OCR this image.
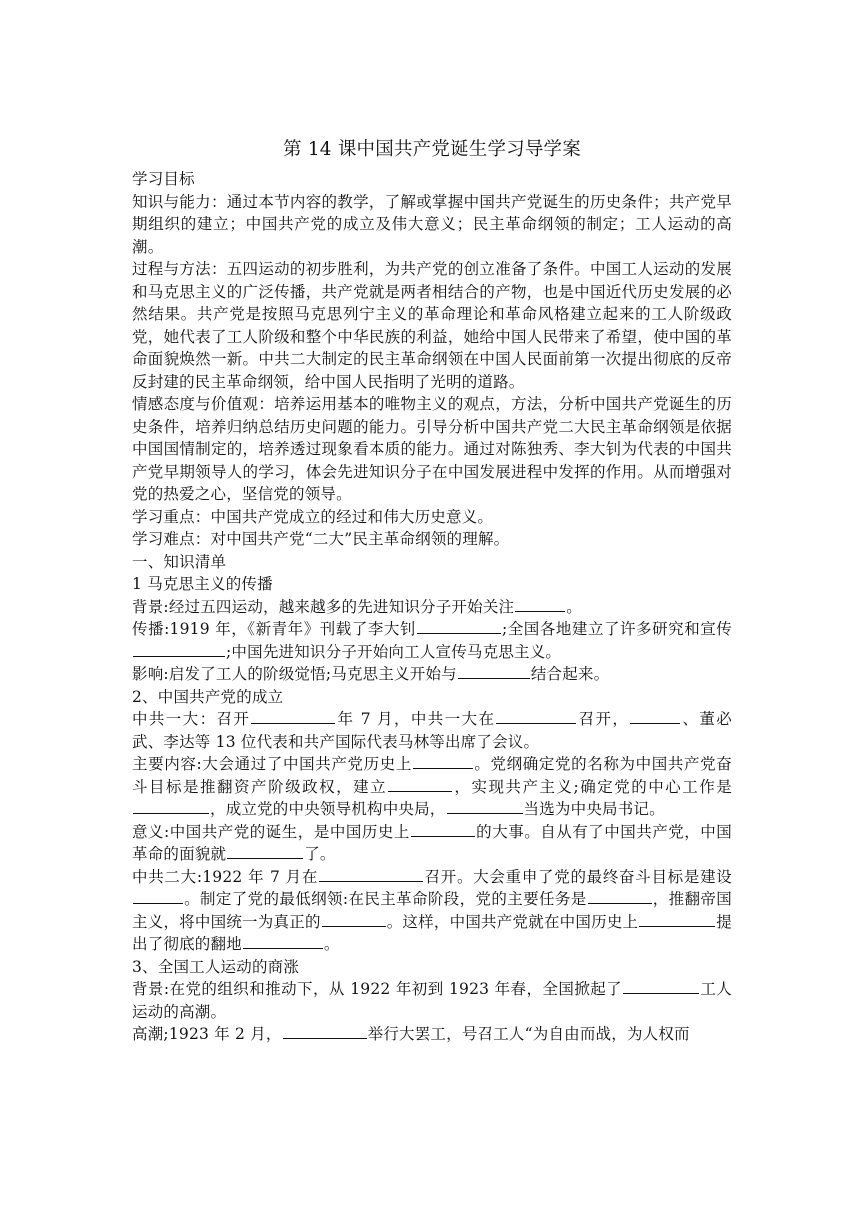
第 14 课中国共产党诞生学习导学案

学习目标

知识与能力：通过本节内容的教学，了解或掌握中国共产党诞生的历史条件；共产党早期组织的建立；中国共产党的成立及伟大意义；民主革命纲领的制定；工人运动的高潮。

过程与方法：五四运动的初步胜利，为共产党的创立准备了条件。中国工人运动的发展和马克思主义的广泛传播，共产党就是两者相结合的产物，也是中国近代历史发展的必然结果。共产党是按照马克思列宁主义的革命理论和革命风格建立起来的工人阶级政党，她代表了工人阶级和整个中华民族的利益，她给中国人民带来了希望，使中国的革命面貌焕然一新。中共二大制定的民主革命纲领在中国人民面前第一次提出彻底的反帝反封建的民主革命纲领，给中国人民指明了光明的道路。

情感态度与价值观：培养运用基本的唯物主义的观点，方法，分析中国共产党诞生的历史条件，培养归纳总结历史问题的能力。引导分析中国共产党二大民主革命纲领是依据中国国情制定的，培养透过现象看本质的能力。通过对陈独秀、李大钊为代表的中国共产党早期领导人的学习，体会先进知识分子在中国发展进程中发挥的作用。从而增强对党的热爱之心，坚信党的领导。

学习重点：中国共产党成立的经过和伟大历史意义。

学习难点：对中国共产党“二大”民主革命纲领的理解。

一、知识清单

1 马克思主义的传播

背景:经过五四运动，越来越多的先进知识分子开始关注	。

传播:1919 年，《新青年》刊载了李大钊	;全国各地建立了许多研究和宣传;中国先进知识分子开始向工人宣传马克思主义。

影响:启发了工人的阶级觉悟;马克思主义开始与	结合起来。

2、中国共产党的成立

中共一大：召开	年 7 月，中共一大在	召开，	、董必武、李达等 13 位代表和共产国际代表马林等出席了会议。

主要内容:大会通过了中国共产党历史上	。党纲确定党的名称为中国共产党奋斗目标是推翻资产阶级政权，建立	，实现共产主义;确定党的中心工作是，成立党的中央领导机构中央局，	当选为中央局书记。

意义:中国共产党的诞生，是中国历史上	的大事。自从有了中国共产党，中国革命的面貌就	了。

中共二大:1922 年 7 月在	召开。大会重申了党的最终奋斗目标是建设。制定了党的最低纲领:在民主革命阶段，党的主要任务是	，推翻帝国主义，将中国统一为真正的	。这样，中国共产党就在中国历史上	提出了彻底的翻地	。

3、全国工人运动的商涨

背景:在党的组织和推动下，从 1922 年初到 1923 年春，全国掀起了	工人运动的高潮。

高潮;1923 年 2 月，	举行大罢工，号召工人“为自由而战，为人权而
